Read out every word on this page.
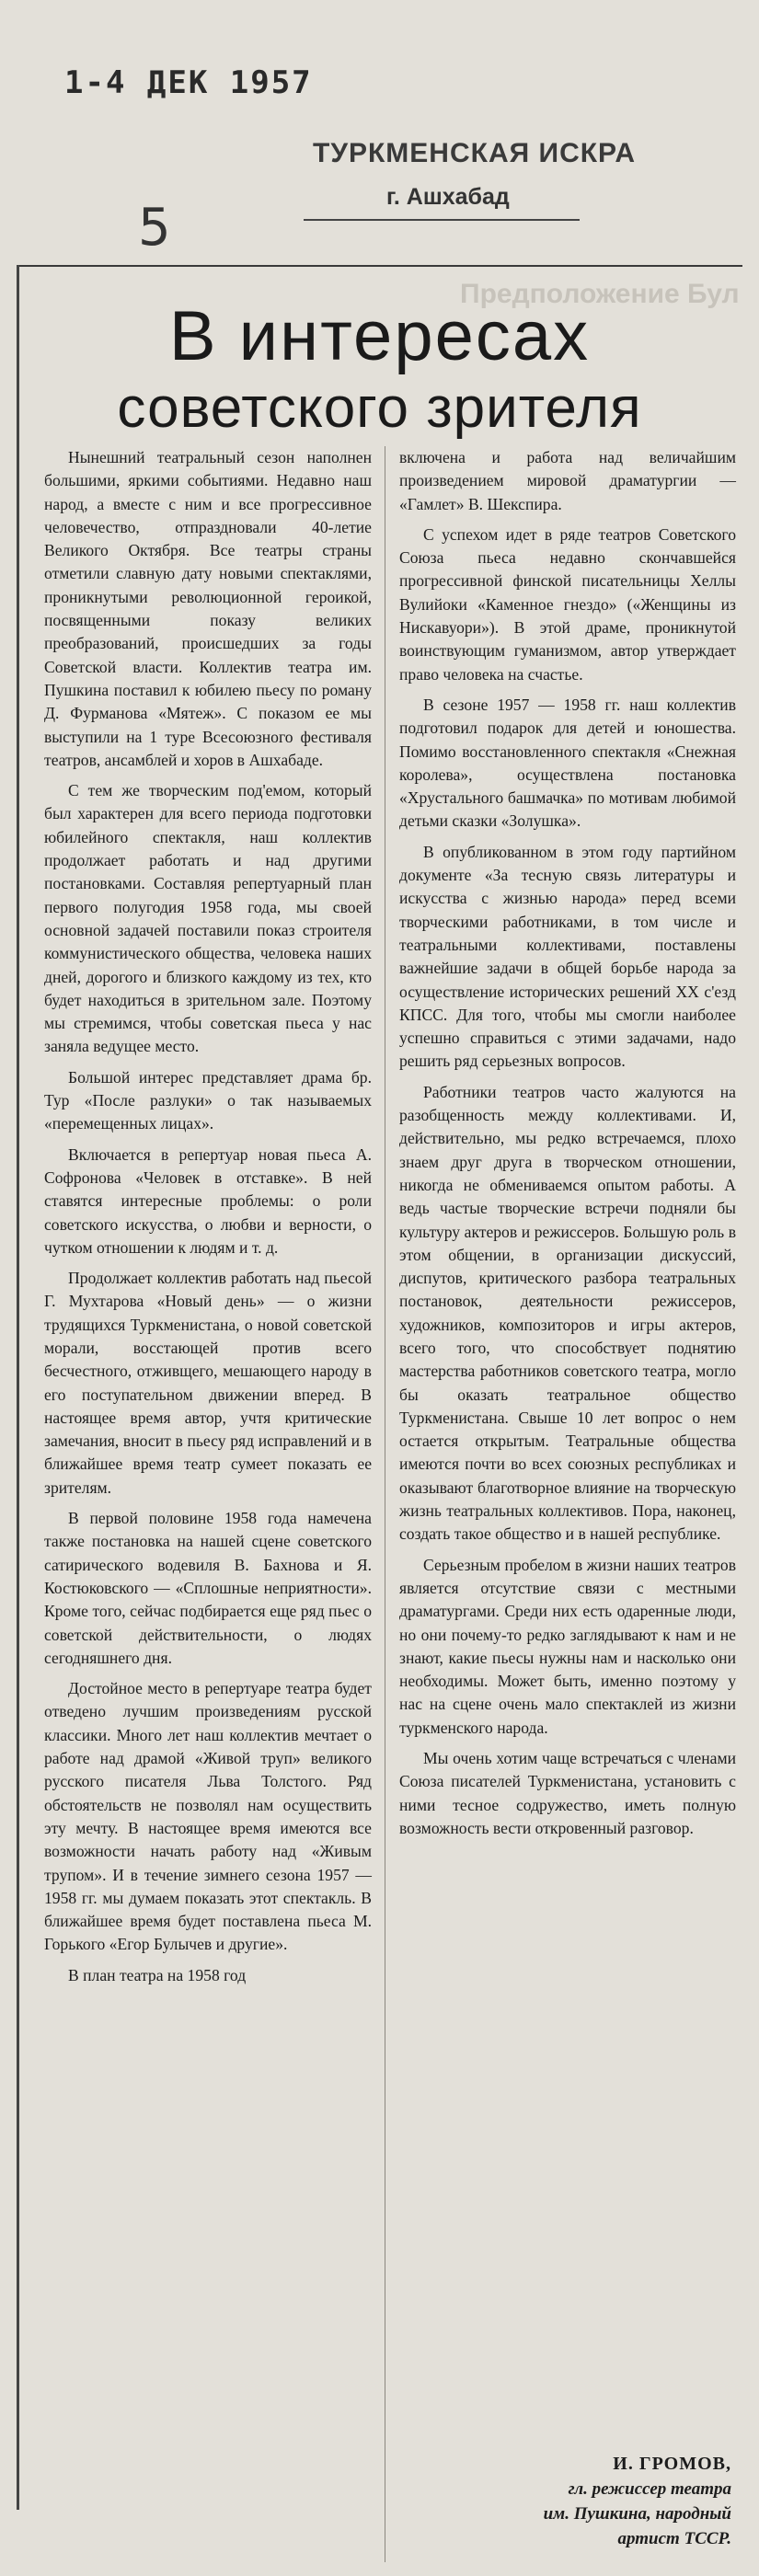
1-4 ДЕК 1957
ТУРКМЕНСКАЯ ИСКРА
г. Ашхабад
5
Предположение Бул
В интересах
советского зрителя

Нынешний театральный сезон наполнен большими, яркими событиями. Недавно наш народ, а вместе с ним и все прогрессивное человечество, отпраздновали 40-летие Великого Октября. Все театры страны отметили славную дату новыми спектаклями, проникнутыми революционной героикой, посвященными показу великих преобразований, происшедших за годы Советской власти. Коллектив театра им. Пушкина поставил к юбилею пьесу по роману Д. Фурманова «Мятеж». С показом ее мы выступили на 1 туре Всесоюзного фестиваля театров, ансамблей и хоров в Ашхабаде.

С тем же творческим под'емом, который был характерен для всего периода подготовки юбилейного спектакля, наш коллектив продолжает работать и над другими постановками. Составляя репертуарный план первого полугодия 1958 года, мы своей основной задачей поставили показ строителя коммунистического общества, человека наших дней, дорогого и близкого каждому из тех, кто будет находиться в зрительном зале. Поэтому мы стремимся, чтобы советская пьеса у нас заняла ведущее место.

Большой интерес представляет драма бр. Тур «После разлуки» о так называемых «перемещенных лицах».

Включается в репертуар новая пьеса А. Софронова «Человек в отставке». В ней ставятся интересные проблемы: о роли советского искусства, о любви и верности, о чутком отношении к людям и т. д.

Продолжает коллектив работать над пьесой Г. Мухтарова «Новый день» — о жизни трудящихся Туркменистана, о новой советской морали, восстающей против всего бесчестного, отживщего, мешающего народу в его поступательном движении вперед. В настоящее время автор, учтя критические замечания, вносит в пьесу ряд исправлений и в ближайшее время театр сумеет показать ее зрителям.

В первой половине 1958 года намечена также постановка на нашей сцене советского сатирического водевиля В. Бахнова и Я. Костюковского — «Сплошные неприятности». Кроме того, сейчас подбирается еще ряд пьес о советской действительности, о людях сегодняшнего дня.

Достойное место в репертуаре театра будет отведено лучшим произведениям русской классики. Много лет наш коллектив мечтает о работе над драмой «Живой труп» великого русского писателя Льва Толстого. Ряд обстоятельств не позволял нам осуществить эту мечту. В настоящее время имеются все возможности начать работу над «Живым трупом». И в течение зимнего сезона 1957 — 1958 гг. мы думаем показать этот спектакль. В ближайшее время будет поставлена пьеса М. Горького «Егор Булычев и другие».

В план театра на 1958 год

включена и работа над величайшим произведением мировой драматургии — «Гамлет» В. Шекспира.

С успехом идет в ряде театров Советского Союза пьеса недавно скончавшейся прогрессивной финской писательницы Хеллы Вулийоки «Каменное гнездо» («Женщины из Нискавуори»). В этой драме, проникнутой воинствующим гуманизмом, автор утверждает право человека на счастье.

В сезоне 1957 — 1958 гг. наш коллектив подготовил подарок для детей и юношества. Помимо восстановленного спектакля «Снежная королева», осуществлена постановка «Хрустального башмачка» по мотивам любимой детьми сказки «Золушка».

В опубликованном в этом году партийном документе «За тесную связь литературы и искусства с жизнью народа» перед всеми творческими работниками, в том числе и театральными коллективами, поставлены важнейшие задачи в общей борьбе народа за осуществление исторических решений XX с'езд КПСС. Для того, чтобы мы смогли наиболее успешно справиться с этими задачами, надо решить ряд серьезных вопросов.

Работники театров часто жалуются на разобщенность между коллективами. И, действительно, мы редко встречаемся, плохо знаем друг друга в творческом отношении, никогда не обмениваемся опытом работы. А ведь частые творческие встречи подняли бы культуру актеров и режиссеров. Большую роль в этом общении, в организации дискуссий, диспутов, критического разбора театральных постановок, деятельности режиссеров, художников, композиторов и игры актеров, всего того, что способствует поднятию мастерства работников советского театра, могло бы оказать театральное общество Туркменистана. Свыше 10 лет вопрос о нем остается открытым. Театральные общества имеются почти во всех союзных республиках и оказывают благотворное влияние на творческую жизнь театральных коллективов. Пора, наконец, создать такое общество и в нашей республике.

Серьезным пробелом в жизни наших театров является отсутствие связи с местными драматургами. Среди них есть одаренные люди, но они почему-то редко заглядывают к нам и не знают, какие пьесы нужны нам и насколько они необходимы. Может быть, именно поэтому у нас на сцене очень мало спектаклей из жизни туркменского народа.

Мы очень хотим чаще встречаться с членами Союза писателей Туркменистана, установить с ними тесное содружество, иметь полную возможность вести откровенный разговор.

И. ГРОМОВ,
гл. режиссер театра
им. Пушкина, народный
артист ТССР.
